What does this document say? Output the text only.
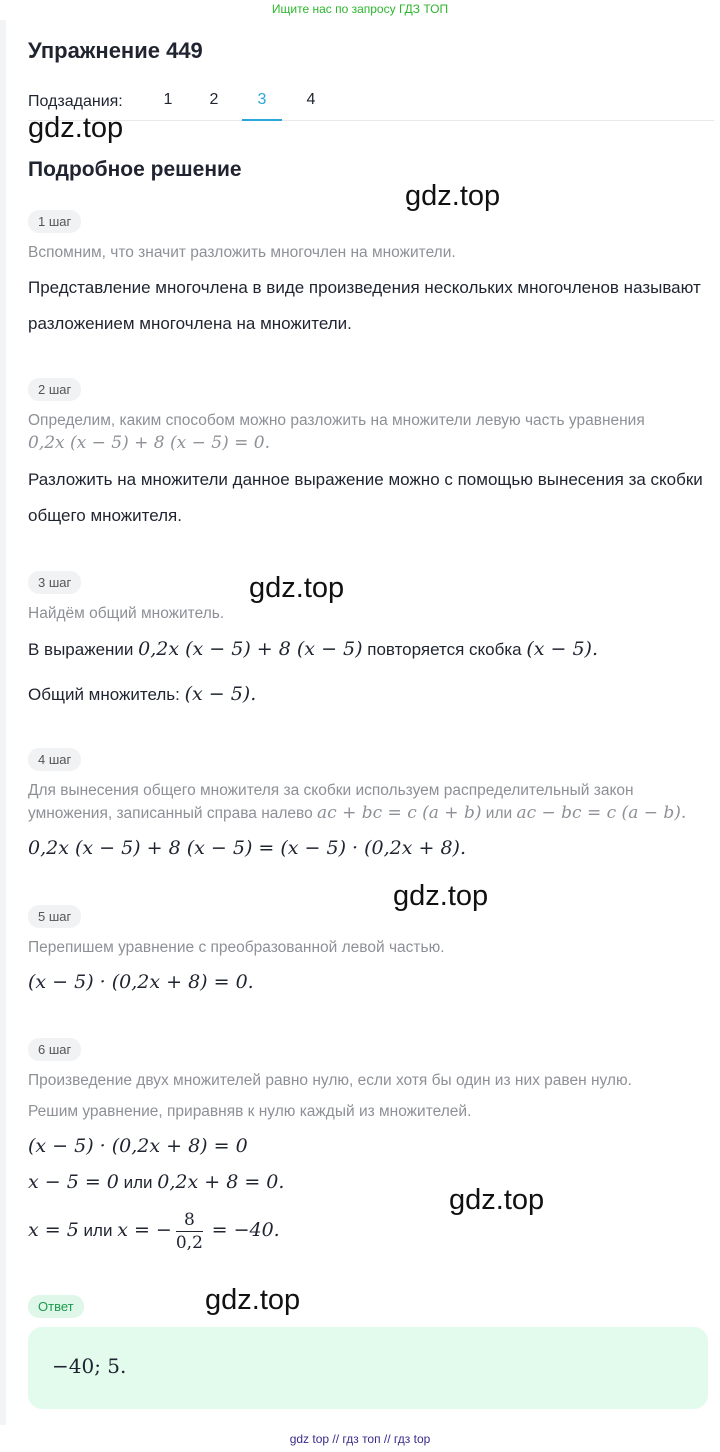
Ищите нас по запросу ГДЗ ТОП
Упражнение 449
Подзадания:	1	2	3	4
Подробное решение
1 шаг

Вспомним, что значит разложить многочлен на множители.

Представление многочлена в виде произведения нескольких многочленов называют разложением многочлена на множители.

2 шаг

Определим, каким способом можно разложить на множители левую часть уравнения

0,2x (x − 5) + 8 (x − 5) = 0.

Разложить на множители данное выражение можно с помощью вынесения за скобки общего множителя.

3 шаг

Найдём общий множитель.

В выражении 0,2x (x − 5) + 8 (x − 5) повторяется скобка (x − 5).

Общий множитель: (x − 5).

4 шаг

Для вынесения общего множителя за скобки используем распределительный закон умножения, записанный справа налево ac + bc = c (a + b) или ac − bc = c (a − b).

0,2x (x − 5) + 8 (x − 5) = (x − 5) · (0,2x + 8).

5 шаг

Перепишем уравнение с преобразованной левой частью.

(x − 5) · (0,2x + 8) = 0.

6 шаг

Произведение двух множителей равно нулю, если хотя бы один из них равен нулю.

Решим уравнение, приравняв к нулю каждый из множителей.

(x − 5) · (0,2x + 8) = 0

x − 5 = 0 или 0,2x + 8 = 0.

x = 5 или x = − $\frac{8}{0,2} = -40$.

Ответ
−40; 5.
gdz.top
gdz.top
gdz.top
gdz.top
gdz.top
gdz.top
gdz top // гдз топ // гдз top
